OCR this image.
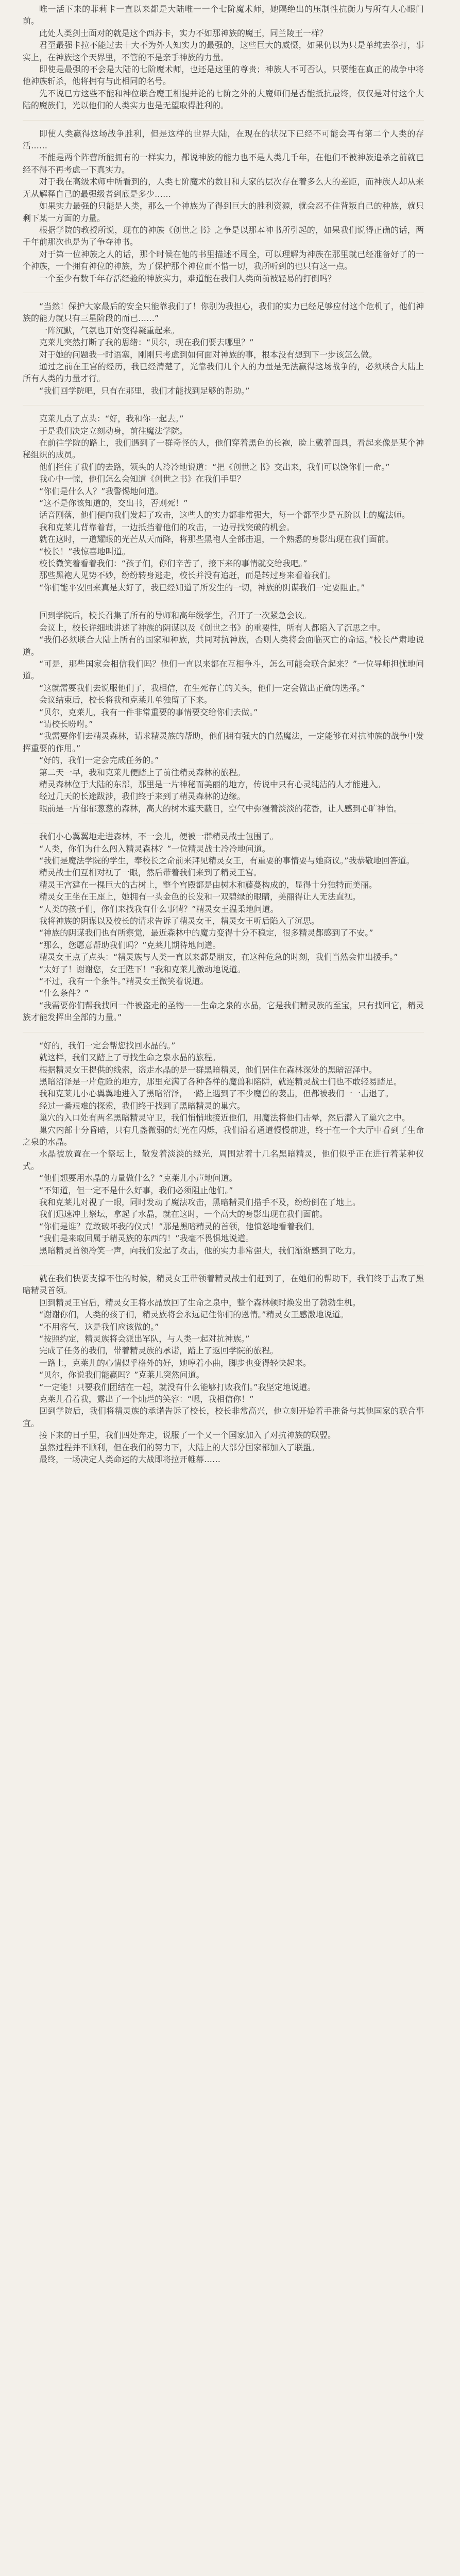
唯一活下来的菲莉卡一直以来都是大陆唯一一个七阶魔术师，她隔绝出的压制性抗衡力与所有人心眼门前。

此处人类剑士面对的就是这个西苏卡，实力不如那神族的魔王，同兰陵王一样？

君至最强卡拉不能过去十大不为外人知实力的最强的，这些巨大的威慑，如果仍以为只是单纯去拳打，事实上，在神族这个天界里，不管的不是亲手神族的力量。

即使是最强的不会是大陆的七阶魔术师，也还是这里的尊贵；神族人不可否认，只要能在真正的战争中将他神族斩杀，他将拥有与此相同的名号。

先不说已方这些不能和神位联合魔王相提并论的七阶之外的大魔师们是否能抵抗最终，仅仅是对付这个大陆的魔族们，光以他们的人类实力也是无望取得胜利的。

即使人类赢得这场战争胜利，但是这样的世界大陆，在现在的状况下已经不可能会再有第二个人类的存活……

不能是两个阵营所能拥有的一样实力，都说神族的能力也不是人类几千年，在他们不被神族追杀之前就已经不得不再考虑一下真实力。

对于我在高级术师中所看到的，人类七阶魔术的数目和大家的层次存在着多么大的差距，而神族人却从来无从解释自己的最强级者到底是多少……

如果实力最强的只能是人类，那么一个神族为了得到巨大的胜利资源，就会忍不住背叛自己的种族，就只剩下某一方面的力量。

根据学院的教授所说，现在的神族《创世之书》之争是以那本神书所引起的，如果我们说得正确的话，两千年前那次也是为了争夺神书。

对于第一位神族之人的话，那个时候在他的书里描述不周全，可以理解为神族在那里就已经准备好了的一个神族，一个拥有神位的神族，为了保护那个神位而不惜一切，我所听到的也只有这一点。

一个至少有数千年存活经验的神族实力，难道能在我们人类面前被轻易的打倒吗？

“当然！保护大家最后的安全只能靠我们了！你别为我担心，我们的实力已经足够应付这个危机了，他们神族的能力就只有三星阶段的而已……”

一阵沉默，气氛也开始变得凝重起来。

克莱儿突然打断了我的思绪：“贝尔，现在我们要去哪里？”

对于她的问题我一时语塞，刚刚只考虑到如何面对神族的事，根本没有想到下一步该怎么做。

通过之前在王宫的经历，我已经清楚了，光靠我们几个人的力量是无法赢得这场战争的，必须联合大陆上所有人类的力量才行。

“我们回学院吧，只有在那里，我们才能找到足够的帮助。”

克莱儿点了点头：“好，我和你一起去。”

于是我们决定立刻动身，前往魔法学院。

在前往学院的路上，我们遇到了一群奇怪的人，他们穿着黑色的长袍，脸上戴着面具，看起来像是某个神秘组织的成员。

他们拦住了我们的去路，领头的人冷冷地说道：“把《创世之书》交出来，我们可以饶你们一命。”

我心中一惊，他们怎么会知道《创世之书》在我们手里？

“你们是什么人？”我警惕地问道。

“这不是你该知道的，交出书，否则死！”

话音刚落，他们便向我们发起了攻击，这些人的实力都非常强大，每一个都至少是五阶以上的魔法师。

我和克莱儿背靠着背，一边抵挡着他们的攻击，一边寻找突破的机会。

就在这时，一道耀眼的光芒从天而降，将那些黑袍人全部击退，一个熟悉的身影出现在我们面前。

“校长！”我惊喜地叫道。

校长微笑着看着我们：“孩子们，你们辛苦了，接下来的事情就交给我吧。”

那些黑袍人见势不妙，纷纷转身逃走，校长并没有追赶，而是转过身来看着我们。

“你们能平安回来真是太好了，我已经知道了所发生的一切，神族的阴谋我们一定要阻止。”

回到学院后，校长召集了所有的导师和高年级学生，召开了一次紧急会议。

会议上，校长详细地讲述了神族的阴谋以及《创世之书》的重要性，所有人都陷入了沉思之中。

“我们必须联合大陆上所有的国家和种族，共同对抗神族，否则人类将会面临灭亡的命运。”校长严肃地说道。

“可是，那些国家会相信我们吗？他们一直以来都在互相争斗，怎么可能会联合起来？”一位导师担忧地问道。

“这就需要我们去说服他们了，我相信，在生死存亡的关头，他们一定会做出正确的选择。”

会议结束后，校长将我和克莱儿单独留了下来。

“贝尔，克莱儿，我有一件非常重要的事情要交给你们去做。”

“请校长吩咐。”

“我需要你们去精灵森林，请求精灵族的帮助，他们拥有强大的自然魔法，一定能够在对抗神族的战争中发挥重要的作用。”

“好的，我们一定会完成任务的。”

第二天一早，我和克莱儿便踏上了前往精灵森林的旅程。

精灵森林位于大陆的东部，那里是一片神秘而美丽的地方，传说中只有心灵纯洁的人才能进入。

经过几天的长途跋涉，我们终于来到了精灵森林的边缘。

眼前是一片郁郁葱葱的森林，高大的树木遮天蔽日，空气中弥漫着淡淡的花香，让人感到心旷神怡。

我们小心翼翼地走进森林，不一会儿，便被一群精灵战士包围了。

“人类，你们为什么闯入精灵森林？”一位精灵战士冷冷地问道。

“我们是魔法学院的学生，奉校长之命前来拜见精灵女王，有重要的事情要与她商议。”我恭敬地回答道。

精灵战士们互相对视了一眼，然后带着我们来到了精灵王宫。

精灵王宫建在一棵巨大的古树上，整个宫殿都是由树木和藤蔓构成的，显得十分独特而美丽。

精灵女王坐在王座上，她拥有一头金色的长发和一双碧绿的眼睛，美丽得让人无法直视。

“人类的孩子们，你们来找我有什么事情？”精灵女王温柔地问道。

我将神族的阴谋以及校长的请求告诉了精灵女王，精灵女王听后陷入了沉思。

“神族的阴谋我们也有所察觉，最近森林中的魔力变得十分不稳定，很多精灵都感到了不安。”

“那么，您愿意帮助我们吗？”克莱儿期待地问道。

精灵女王点了点头：“精灵族与人类一直以来都是朋友，在这种危急的时刻，我们当然会伸出援手。”

“太好了！谢谢您，女王陛下！”我和克莱儿激动地说道。

“不过，我有一个条件。”精灵女王微笑着说道。

“什么条件？”

“我需要你们帮我找回一件被盗走的圣物——生命之泉的水晶，它是我们精灵族的至宝，只有找回它，精灵族才能发挥出全部的力量。”

“好的，我们一定会帮您找回水晶的。”

就这样，我们又踏上了寻找生命之泉水晶的旅程。

根据精灵女王提供的线索，盗走水晶的是一群黑暗精灵，他们居住在森林深处的黑暗沼泽中。

黑暗沼泽是一片危险的地方，那里充满了各种各样的魔兽和陷阱，就连精灵战士们也不敢轻易踏足。

我和克莱儿小心翼翼地进入了黑暗沼泽，一路上遇到了不少魔兽的袭击，但都被我们一一击退了。

经过一番艰难的探索，我们终于找到了黑暗精灵的巢穴。

巢穴的入口处有两名黑暗精灵守卫，我们悄悄地接近他们，用魔法将他们击晕，然后潜入了巢穴之中。

巢穴内部十分昏暗，只有几盏微弱的灯光在闪烁，我们沿着通道慢慢前进，终于在一个大厅中看到了生命之泉的水晶。

水晶被放置在一个祭坛上，散发着淡淡的绿光，周围站着十几名黑暗精灵，他们似乎正在进行着某种仪式。

“他们想要用水晶的力量做什么？”克莱儿小声地问道。

“不知道，但一定不是什么好事，我们必须阻止他们。”

我和克莱儿对视了一眼，同时发动了魔法攻击，黑暗精灵们措手不及，纷纷倒在了地上。

我们迅速冲上祭坛，拿起了水晶，就在这时，一个高大的身影出现在我们面前。

“你们是谁？竟敢破坏我的仪式！”那是黑暗精灵的首领，他愤怒地看着我们。

“我们是来取回属于精灵族的东西的！”我毫不畏惧地说道。

黑暗精灵首领冷笑一声，向我们发起了攻击，他的实力非常强大，我们渐渐感到了吃力。

就在我们快要支撑不住的时候，精灵女王带领着精灵战士们赶到了，在她们的帮助下，我们终于击败了黑暗精灵首领。

回到精灵王宫后，精灵女王将水晶放回了生命之泉中，整个森林顿时焕发出了勃勃生机。

“谢谢你们，人类的孩子们，精灵族将会永远记住你们的恩情。”精灵女王感激地说道。

“不用客气，这是我们应该做的。”

“按照约定，精灵族将会派出军队，与人类一起对抗神族。”

完成了任务的我们，带着精灵族的承诺，踏上了返回学院的旅程。

一路上，克莱儿的心情似乎格外的好，她哼着小曲，脚步也变得轻快起来。

“贝尔，你说我们能赢吗？”克莱儿突然问道。

“一定能！只要我们团结在一起，就没有什么能够打败我们。”我坚定地说道。

克莱儿看着我，露出了一个灿烂的笑容：“嗯，我相信你！”

回到学院后，我们将精灵族的承诺告诉了校长，校长非常高兴，他立刻开始着手准备与其他国家的联合事宜。

接下来的日子里，我们四处奔走，说服了一个又一个国家加入了对抗神族的联盟。

虽然过程并不顺利，但在我们的努力下，大陆上的大部分国家都加入了联盟。

最终，一场决定人类命运的大战即将拉开帷幕……
